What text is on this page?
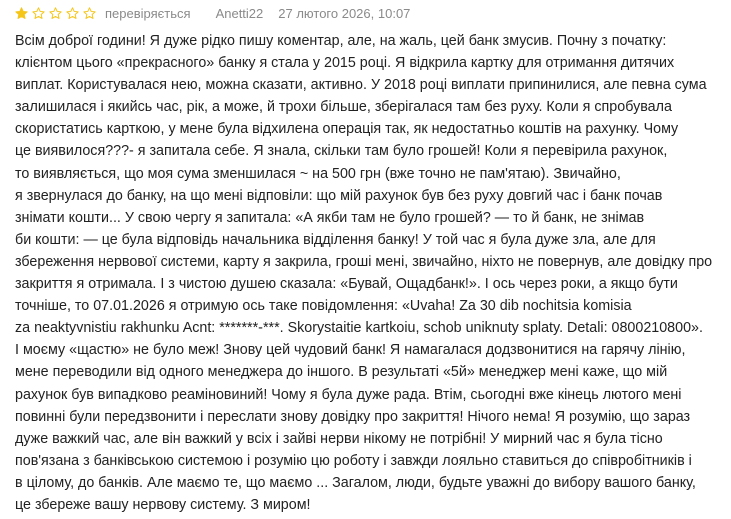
перевіряється Anetti22 27 лютого 2026, 10:07
Всім доброї години! Я дуже рідко пишу коментар, але, на жаль, цей банк змусив. Почну з початку:
клієнтом цього «прекрасного» банку я стала у 2015 році. Я відкрила картку для отримання дитячих
виплат. Користувалася нею, можна сказати, активно. У 2018 році виплати припинилися, але певна сума
залишилася і якийсь час, рік, а може, й трохи більше, зберігалася там без руху. Коли я спробувала
скористатись карткою, у мене була відхилена операція так, як недостатньо коштів на рахунку. Чому
це виявилося???- я запитала себе. Я знала, скільки там було грошей! Коли я перевірила рахунок,
то виявляється, що моя сума зменшилася ~ на 500 грн (вже точно не пам'ятаю). Звичайно,
я звернулася до банку, на що мені відповіли: що мій рахунок був без руху довгий час і банк почав
знімати кошти... У свою чергу я запитала: «А якби там не було грошей? — то й банк, не знімав
би кошти: — це була відповідь начальника відділення банку! У той час я була дуже зла, але для
збереження нервової системи, карту я закрила, гроші мені, звичайно, ніхто не повернув, але довідку про
закриття я отримала. І з чистою душею сказала: «Бувай, Ощадбанк!». І ось через роки, а якщо бути
точніше, то 07.01.2026 я отримую ось таке повідомлення: «Uvaha! Za 30 dib nochitsia komisia
za neaktyvnistiu rakhunku Acnt: *******-***. Skorystaitie kartkoiu, schob uniknuty splaty. Detali: 0800210800».
І моєму «щастю» не було меж! Знову цей чудовий банк! Я намагалася додзвонитися на гарячу лінію,
мене переводили від одного менеджера до іншого. В результаті «5й» менеджер мені каже, що мій
рахунок був випадково реаміновиний! Чому я була дуже рада. Втім, сьогодні вже кінець лютого мені
повинні були передзвонити і переслати знову довідку про закриття! Нічого нема! Я розумію, що зараз
дуже важкий час, але він важкий у всіх і зайві нерви нікому не потрібні! У мирний час я була тісно
пов'язана з банківською системою і розумію цю роботу і завжди лояльно ставиться до співробітників і
в цілому, до банків. Але маємо те, що маємо ... Загалом, люди, будьте уважні до вибору вашого банку,
це збереже вашу нервову систему. З миром!
